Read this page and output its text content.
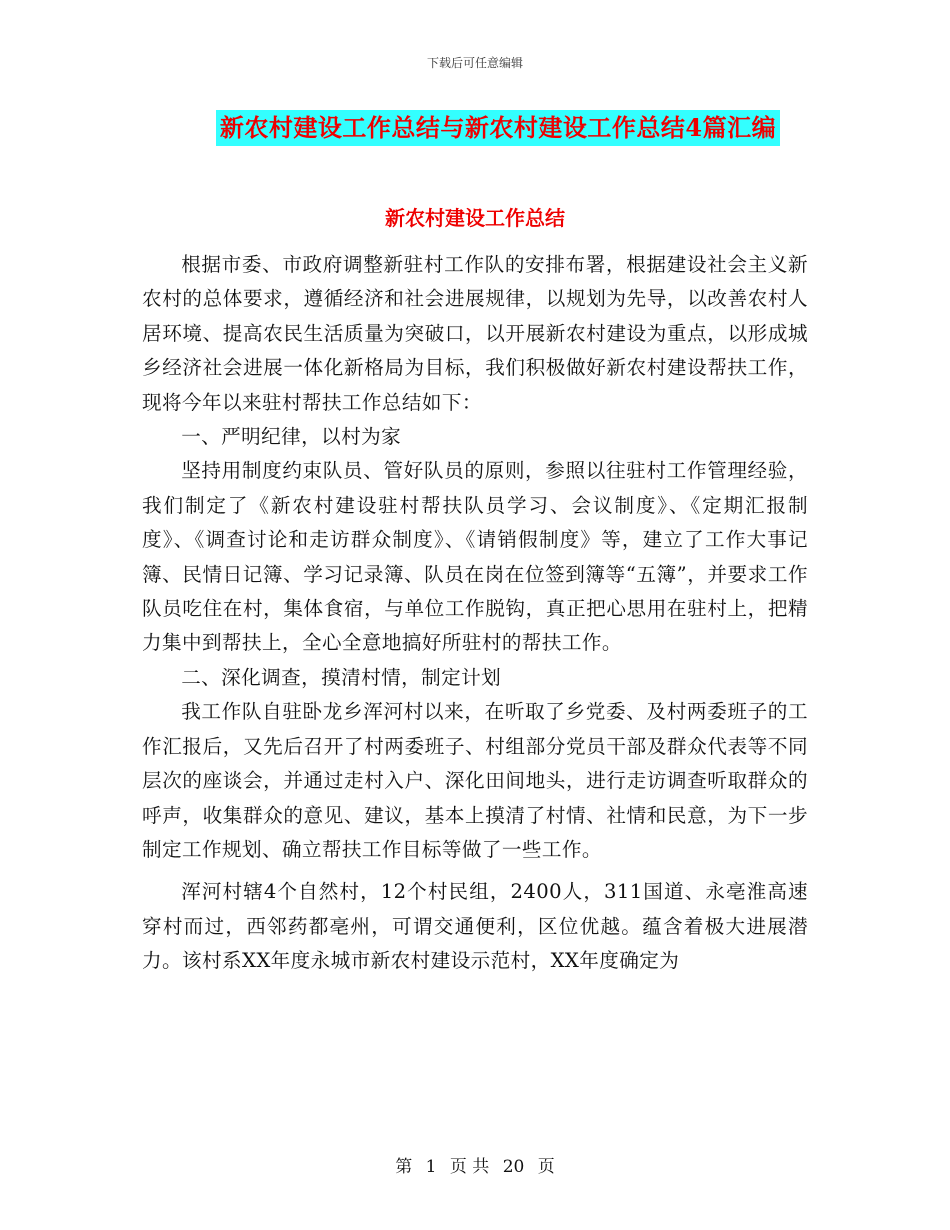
下载后可任意编辑
新农村建设工作总结与新农村建设工作总结4篇汇编
新农村建设工作总结

根据市委、市政府调整新驻村工作队的安排布署，根据建设社会主义新农村的总体要求，遵循经济和社会进展规律，以规划为先导，以改善农村人居环境、提高农民生活质量为突破口，以开展新农村建设为重点，以形成城乡经济社会进展一体化新格局为目标，我们积极做好新农村建设帮扶工作，现将今年以来驻村帮扶工作总结如下：

一、严明纪律，以村为家

坚持用制度约束队员、管好队员的原则，参照以往驻村工作管理经验，我们制定了《新农村建设驻村帮扶队员学习、会议制度》、《定期汇报制度》、《调查讨论和走访群众制度》、《请销假制度》等，建立了工作大事记簿、民情日记簿、学习记录簿、队员在岗在位签到簿等“五簿”，并要求工作队员吃住在村，集体食宿，与单位工作脱钩，真正把心思用在驻村上，把精力集中到帮扶上，全心全意地搞好所驻村的帮扶工作。

二、深化调查，摸清村情，制定计划

我工作队自驻卧龙乡浑河村以来，在听取了乡党委、及村两委班子的工作汇报后，又先后召开了村两委班子、村组部分党员干部及群众代表等不同层次的座谈会，并通过走村入户、深化田间地头，进行走访调查听取群众的呼声，收集群众的意见、建议，基本上摸清了村情、社情和民意，为下一步制定工作规划、确立帮扶工作目标等做了一些工作。

浑河村辖4个自然村，12个村民组，2400人，311国道、永亳淮高速穿村而过，西邻药都亳州，可谓交通便利，区位优越。蕴含着极大进展潜力。该村系XX年度永城市新农村建设示范村，XX年度确定为

第 1 页 共 20 页
